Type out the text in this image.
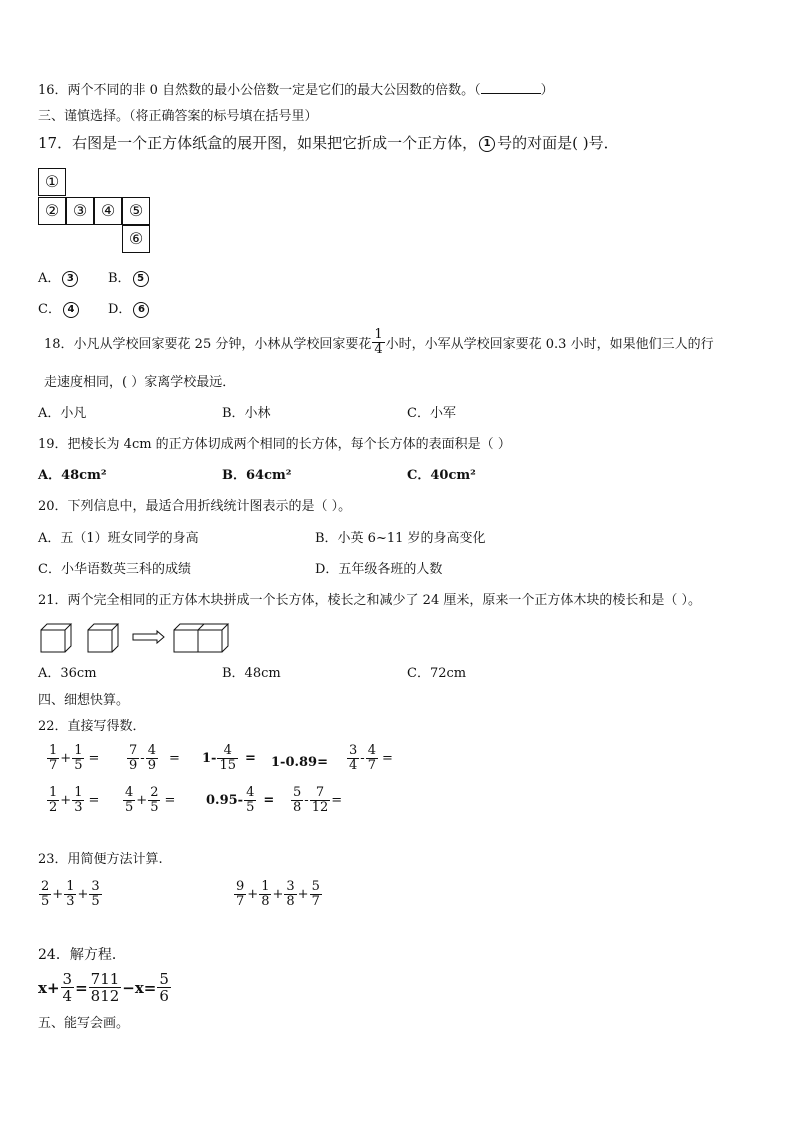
16．两个不同的非 0 自然数的最小公倍数一定是它们的最大公因数的倍数。（	）
三、谨慎选择。（将正确答案的标号填在括号里）
17．右图是一个正方体纸盒的展开图，如果把它折成一个正方体， 1 号的对面是( )号．
①
② ③ ④ ⑤
⑥
A． 3	B． 5
C． 4	D． 6
18．小凡从学校回家要花 25 分钟，小林从学校回家要花 $\frac{1}{4}$ 小时，小军从学校回家要花 0.3 小时，如果他们三人的行
走速度相同，( ）家离学校最远．
A．小凡	B．小林	C．小军
19．把棱长为 4cm 的正方体切成两个相同的长方体，每个长方体的表面积是（ ）
A．48cm²	B．64cm²	C．40cm²
20．下列信息中，最适合用折线统计图表示的是（ ）。
A．五（1）班女同学的身高	B．小英 6~11 岁的身高变化
C．小华语数英三科的成绩	D．五年级各班的人数
21．两个完全相同的正方体木块拼成一个长方体，棱长之和减少了 24 厘米，原来一个正方体木块的棱长和是（ ）。
A．36cm	B．48cm	C．72cm
四、细想快算。
22．直接写得数．
$\frac{1}{7} + \frac{1}{5} = \frac{7}{9} - \frac{4}{9} = 1- \frac{4}{15} = 1-0.89= \frac{3}{4} - \frac{4}{7}$ =
$\frac{1}{2} + \frac{1}{3} = \frac{4}{5} + \frac{2}{5} = 0.95- \frac{4}{5} = \frac{5}{8} - \frac{7}{12}$ =
23．用简便方法计算.
$\frac{2}{5} + \frac{1}{3} + \frac{3}{5}$	$\frac{9}{7} + \frac{1}{8} + \frac{3}{8} + \frac{5}{7}$
24．解方程．
$x + \frac{3}{4} = \frac{711}{812} -x= \frac{5}{6}$
五、能写会画。
